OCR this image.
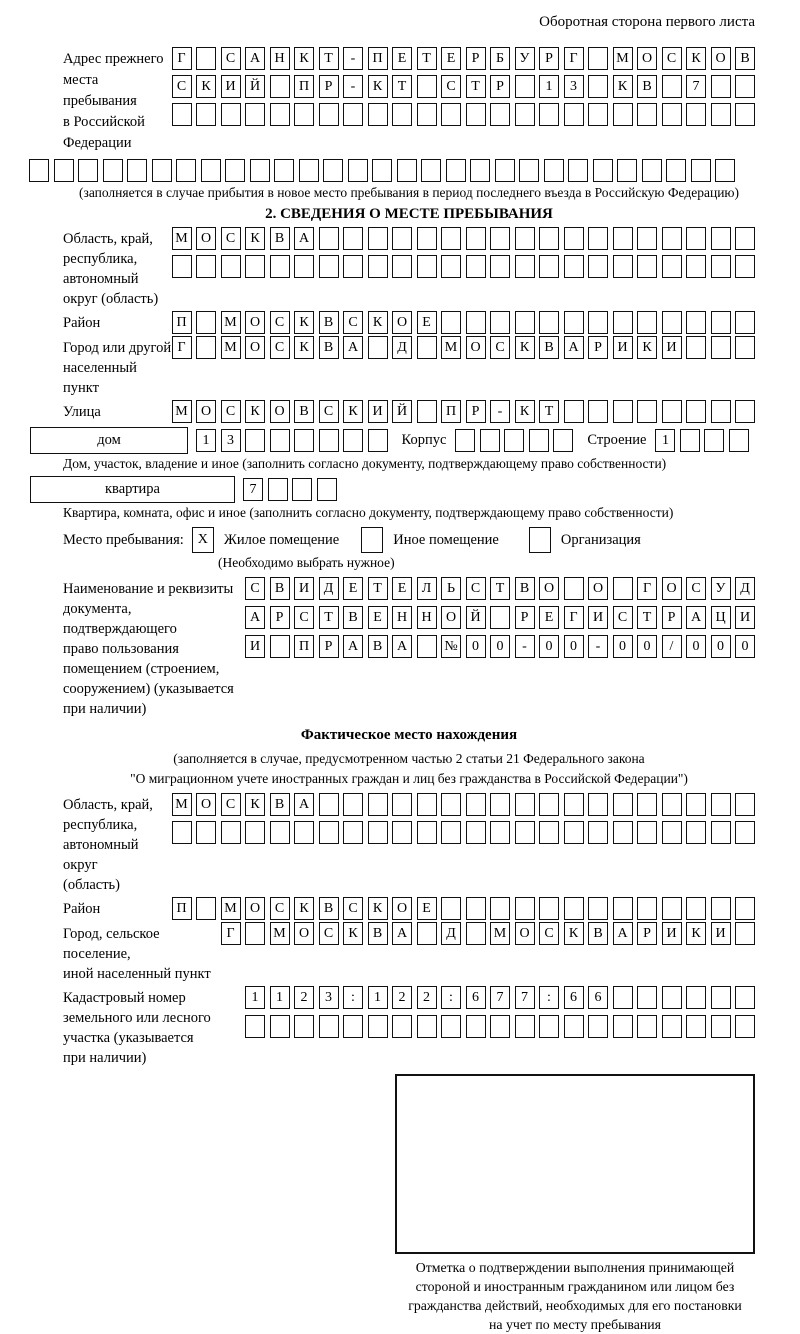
Оборотная сторона первого листа
Адрес прежнего
места пребывания
в Российской
Федерации
Г	С	А	Н	К	Т	-	П	Е	Т	Е	Р	Б	У	Р	Г	М О	С	К	О	В
С	К	И	Й	П	Р	-	К	Т	С	Т	Р	1	3	К	В	7
(заполняется в случае прибытия в новое место пребывания в период последнего въезда в Российскую Федерацию)
2. СВЕДЕНИЯ О МЕСТЕ ПРЕБЫВАНИЯ
Область, край,
республика,
автономный
округ (область)
М О	С	К	В	А
Район	П	М О	С	К	В	С	К	О	Е
Город или другой
населенный пункт
Г	М О	С	К	В	А	Д	М О	С	К	В	А	Р	И	К	И
Улица	М О	С	К	О	В	С	К	И	Й	П	Р	-	К	Т
дом	1	3	Корпус	Строение	1
Дом, участок, владение и иное (заполнить согласно документу, подтверждающему право собственности)
квартира	7
Квартира, комната, офис и иное (заполнить согласно документу, подтверждающему право собственности)
Место пребывания: X	Жилое помещение	Иное помещение	Организация
(Необходимо выбрать нужное)
Наименование и реквизиты
документа, подтверждающего
право пользования
помещением (строением,
сооружением) (указывается
при наличии)
С	В	И	Д	Е	Т	Е	Л	Ь	С	Т	В	О	О	Г	О	С	У	Д
А	Р	С	Т	В	Е	Н	Н	О	Й	Р	Е	Г	И	С	Т	Р	А	Ц	И
И	П	Р	А	В	А	№	0	0	-	0	0	-	0	0	/	0	0	0
Фактическое место нахождения
(заполняется в случае, предусмотренном частью 2 статьи 21 Федерального закона
"О миграционном учете иностранных граждан и лиц без гражданства в Российской Федерации")
Область, край,
республика,
автономный округ
(область)
М О	С	К	В	А
Район	П	М О	С	К	В	С	К	О	Е
Город, сельское поселение,
иной населенный пункт
Г	М О	С	К	В	А	Д	М О	С	К	В	А	Р	И	К	И
Кадастровый номер
земельного или лесного
участка (указывается
при наличии)
1	1	2	3	:	1	2	2	:	6	7	7	:	6	6
Отметка о подтверждении выполнения принимающей
стороной и иностранным гражданином или лицом без
гражданства действий, необходимых для его постановки
на учет по месту пребывания
